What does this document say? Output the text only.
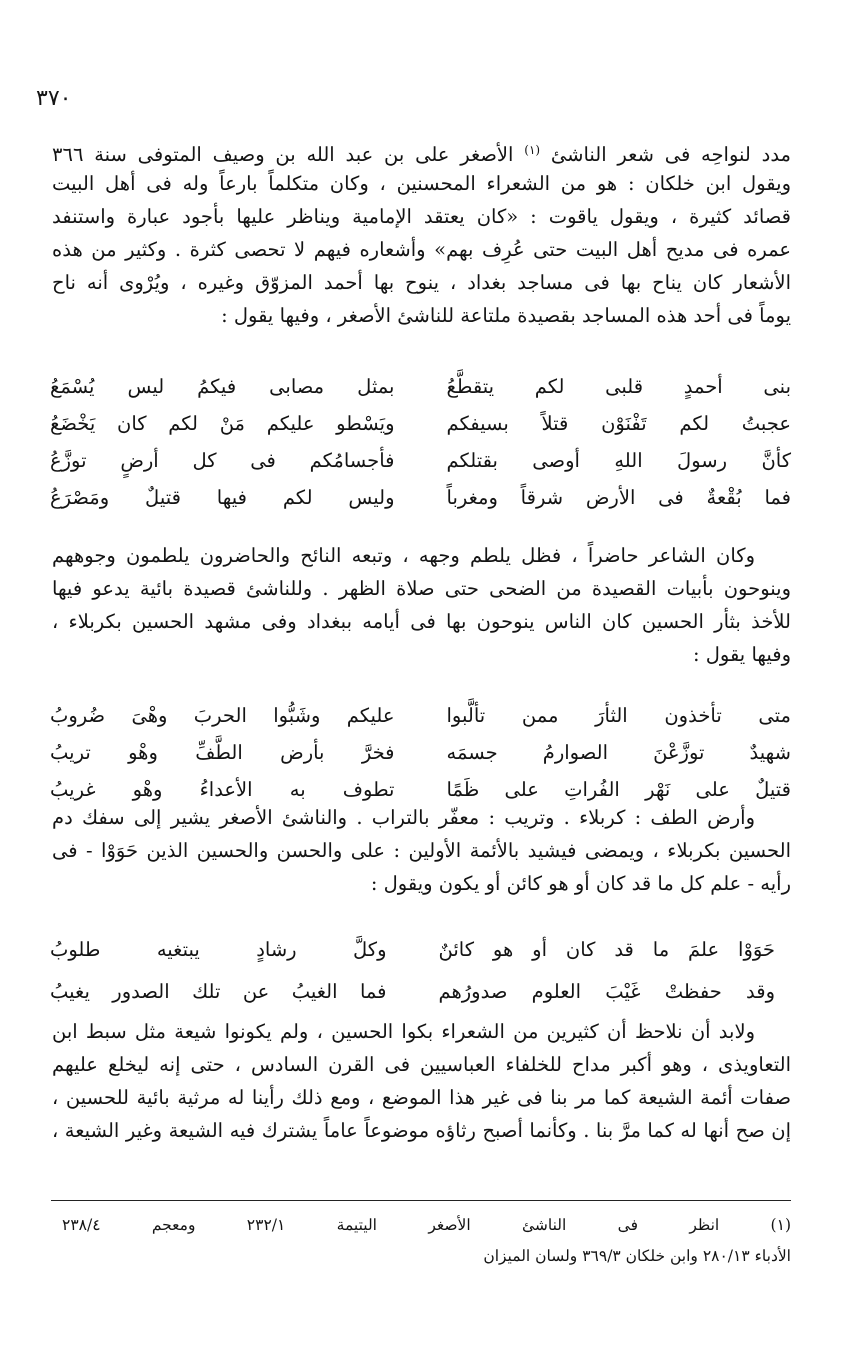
٣٧٠
مدد لنواحِه فى شعر الناشئ $^{(١)}$ الأصغر على بن عبد الله بن وصيف المتوفى سنة ٣٦٦
ويقول ابن خلكان : هو من الشعراء المحسنين ، وكان متكلماً بارعاً وله فى أهل البيت
قصائد كثيرة ، ويقول ياقوت : «كان يعتقد الإمامية ويناظر عليها بأجود عبارة واستنفد
عمره فى مديح أهل البيت حتى عُرِف بهم» وأشعاره فيهم لا تحصى كثرة . وكثير من هذه
الأشعار كان يناح بها فى مساجد بغداد ، ينوح بها أحمد المزوّق وغيره ، ويُرْوى أنه ناح
يوماً فى أحد هذه المساجد بقصيدة ملتاعة للناشئ الأصغر ، وفيها يقول :
بنى أحمدٍ قلبى لكم يتقطَّعُ
بمثل مصابى فيكمُ ليس يُسْمَعُ
عجبتُ لكم تَفْنَوْن قتلاً بسيفكم
ويَسْطو عليكم مَنْ لكم كان يَخْضَعُ
كأنَّ رسولَ اللهِ أوصى بقتلكم
فأجسامُكم فى كل أرضٍ توزَّعُ
فما بُقْعةٌ فى الأرض شرقاً ومغرباً
وليس لكم فيها قتيلٌ ومَصْرَعُ
وكان الشاعر حاضراً ، فظل يلطم وجهه ، وتبعه النائح والحاضرون يلطمون وجوههم
وينوحون بأبيات القصيدة من الضحى حتى صلاة الظهر . وللناشئ قصيدة بائية يدعو فيها
للأخذ بثأر الحسين كان الناس ينوحون بها فى أيامه ببغداد وفى مشهد الحسين بكربلاء ،
وفيها يقول :
متى تأخذون الثأرَ ممن تألَّبوا
عليكم وشَبُّوا الحربَ وهْىَ ضُروبُ
شهيدٌ توزَّعْنَ الصوارمُ جسمَه
فخرَّ بأرض الطَّفِّ وهْو تريبُ
قتيلٌ على نَهْر الفُراتِ على ظَمًا
تطوف به الأعداءُ وهْو غريبُ
وأرض الطف : كربلاء . وتريب : معفّر بالتراب . والناشئ الأصغر يشير إلى سفك دم
الحسين بكربلاء ، ويمضى فيشيد بالأئمة الأولين : على والحسن والحسين الذين حَوَوْا - فى
رأيه - علم كل ما قد كان أو هو كائن أو يكون ويقول :
حَوَوْا علمَ ما قد كان أو هو كائنٌ
وكلَّ رشادٍ يبتغيه طلوبُ
وقد حفظتْ غَيْبَ العلوم صدورُهم
فما الغيبُ عن تلك الصدور يغيبُ
ولابد أن نلاحظ أن كثيرين من الشعراء بكوا الحسين ، ولم يكونوا شيعة مثل سبط ابن
التعاويذى ، وهو أكبر مداح للخلفاء العباسيين فى القرن السادس ، حتى إنه ليخلع عليهم
صفات أئمة الشيعة كما مر بنا فى غير هذا الموضع ، ومع ذلك رأينا له مرثية بائية للحسين ،
إن صح أنها له كما مرَّ بنا . وكأنما أصبح رثاؤه موضوعاً عاماً يشترك فيه الشيعة وغير الشيعة ،
(١) انظر فى الناشئ الأصغر اليتيمة ٢٣٢/١ ومعجم ٢٣٨/٤
الأدباء ٢٨٠/١٣ وابن خلكان ٣٦٩/٣ ولسان الميزان
